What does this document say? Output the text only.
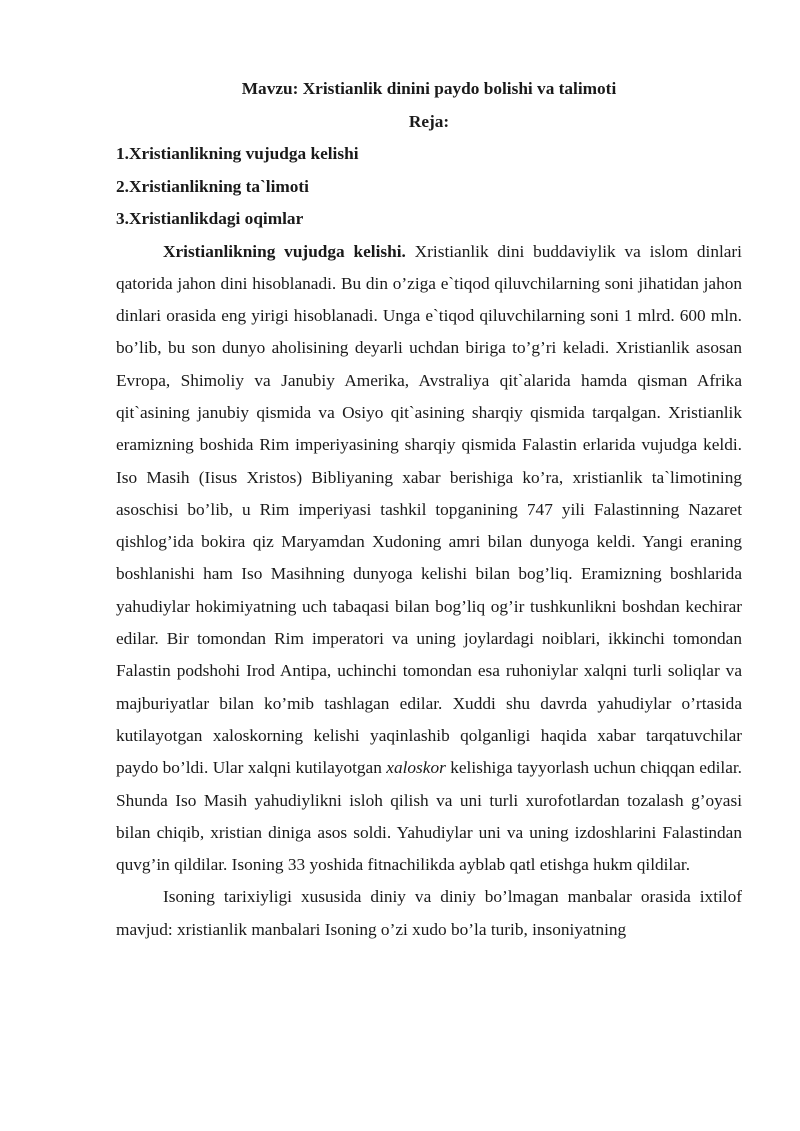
Mavzu: Xristianlik dinini paydo bolishi va talimoti

Reja:

1.Xristianlikning vujudga kelishi
2.Xristianlikning ta`limoti
3.Xristianlikdagi oqimlar

Xristianlikning vujudga kelishi. Xristianlik dini buddaviylik va islom dinlari qatorida jahon dini hisoblanadi. Bu din o’ziga e`tiqod qiluvchilarning soni jihatidan jahon dinlari orasida eng yirigi hisoblanadi. Unga e`tiqod qiluvchilarning soni 1 mlrd. 600 mln. bo’lib, bu son dunyo aholisining deyarli uchdan biriga to’g’ri keladi. Xristianlik asosan Evropa, Shimoliy va Janubiy Amerika, Avstraliya qit`alarida hamda qisman Afrika qit`asining janubiy qismida va Osiyo qit`asining sharqiy qismida tarqalgan. Xristianlik eramizning boshida Rim imperiyasining sharqiy qismida Falastin erlarida vujudga keldi. Iso Masih (Iisus Xristos) Bibliyaning xabar berishiga ko’ra, xristianlik ta`limotining asoschisi bo’lib, u Rim imperiyasi tashkil topganining 747 yili Falastinning Nazaret qishlog’ida bokira qiz Maryamdan Xudoning amri bilan dunyoga keldi. Yangi eraning boshlanishi ham Iso Masihning dunyoga kelishi bilan bog’liq. Eramizning boshlarida yahudiylar hokimiyatning uch tabaqasi bilan bog’liq og’ir tushkunlikni boshdan kechirar edilar. Bir tomondan Rim imperatori va uning joylardagi noiblari, ikkinchi tomondan Falastin podshohi Irod Antipa, uchinchi tomondan esa ruhoniylar xalqni turli soliqlar va majburiyatlar bilan ko’mib tashlagan edilar. Xuddi shu davrda yahudiylar o’rtasida kutilayotgan xaloskorning kelishi yaqinlashib qolganligi haqida xabar tarqatuvchilar paydo bo’ldi. Ular xalqni kutilayotgan xaloskor kelishiga tayyorlash uchun chiqqan edilar. Shunda Iso Masih yahudiylikni isloh qilish va uni turli xurofotlardan tozalash g’oyasi bilan chiqib, xristian diniga asos soldi. Yahudiylar uni va uning izdoshlarini Falastindan quvg’in qildilar. Isoning 33 yoshida fitnachilikda ayblab qatl etishga hukm qildilar.

Isoning tarixiyligi xususida diniy va diniy bo’lmagan manbalar orasida ixtilof mavjud: xristianlik manbalari Isoning o’zi xudo bo’la turib, insoniyatning
